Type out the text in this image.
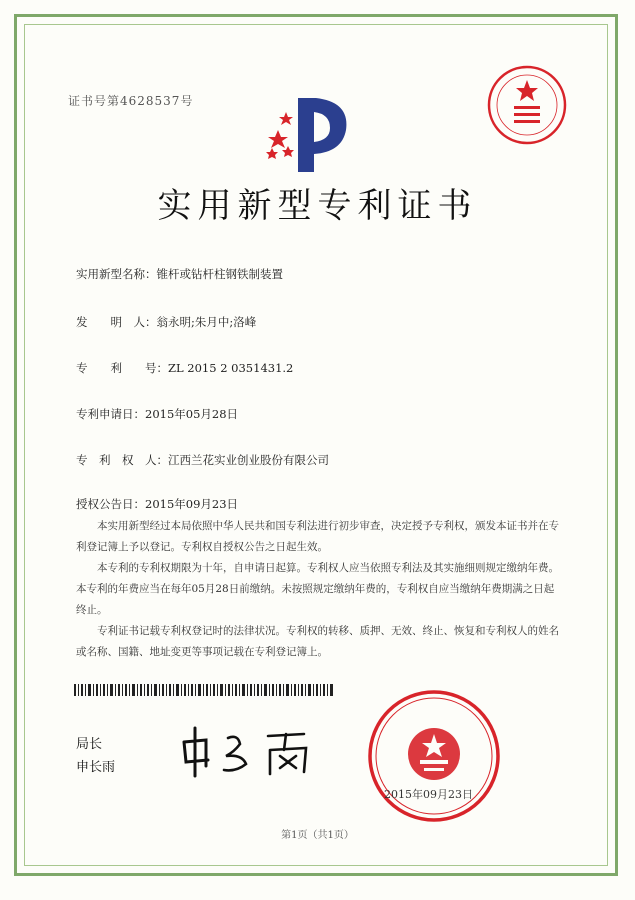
证书号第4628537号
实用新型专利证书
实用新型名称：锥杆或钻杆柱钢铁制装置
发　　明　人：翁永明;朱月中;洛峰
专　　利　　号：ZL 2015 2 0351431.2
专利申请日：2015年05月28日
专　利　权　人：江西兰花实业创业股份有限公司
授权公告日：2015年09月23日

本实用新型经过本局依照中华人民共和国专利法进行初步审查，决定授予专利权，颁发本证书并在专利登记簿上予以登记。专利权自授权公告之日起生效。

本专利的专利权期限为十年，自申请日起算。专利权人应当依照专利法及其实施细则规定缴纳年费。本专利的年费应当在每年05月28日前缴纳。未按照规定缴纳年费的，专利权自应当缴纳年费期满之日起终止。

专利证书记载专利权登记时的法律状况。专利权的转移、质押、无效、终止、恢复和专利权人的姓名或名称、国籍、地址变更等事项记载在专利登记簿上。

局长
申长雨
2015年09月23日
第1页（共1页）
